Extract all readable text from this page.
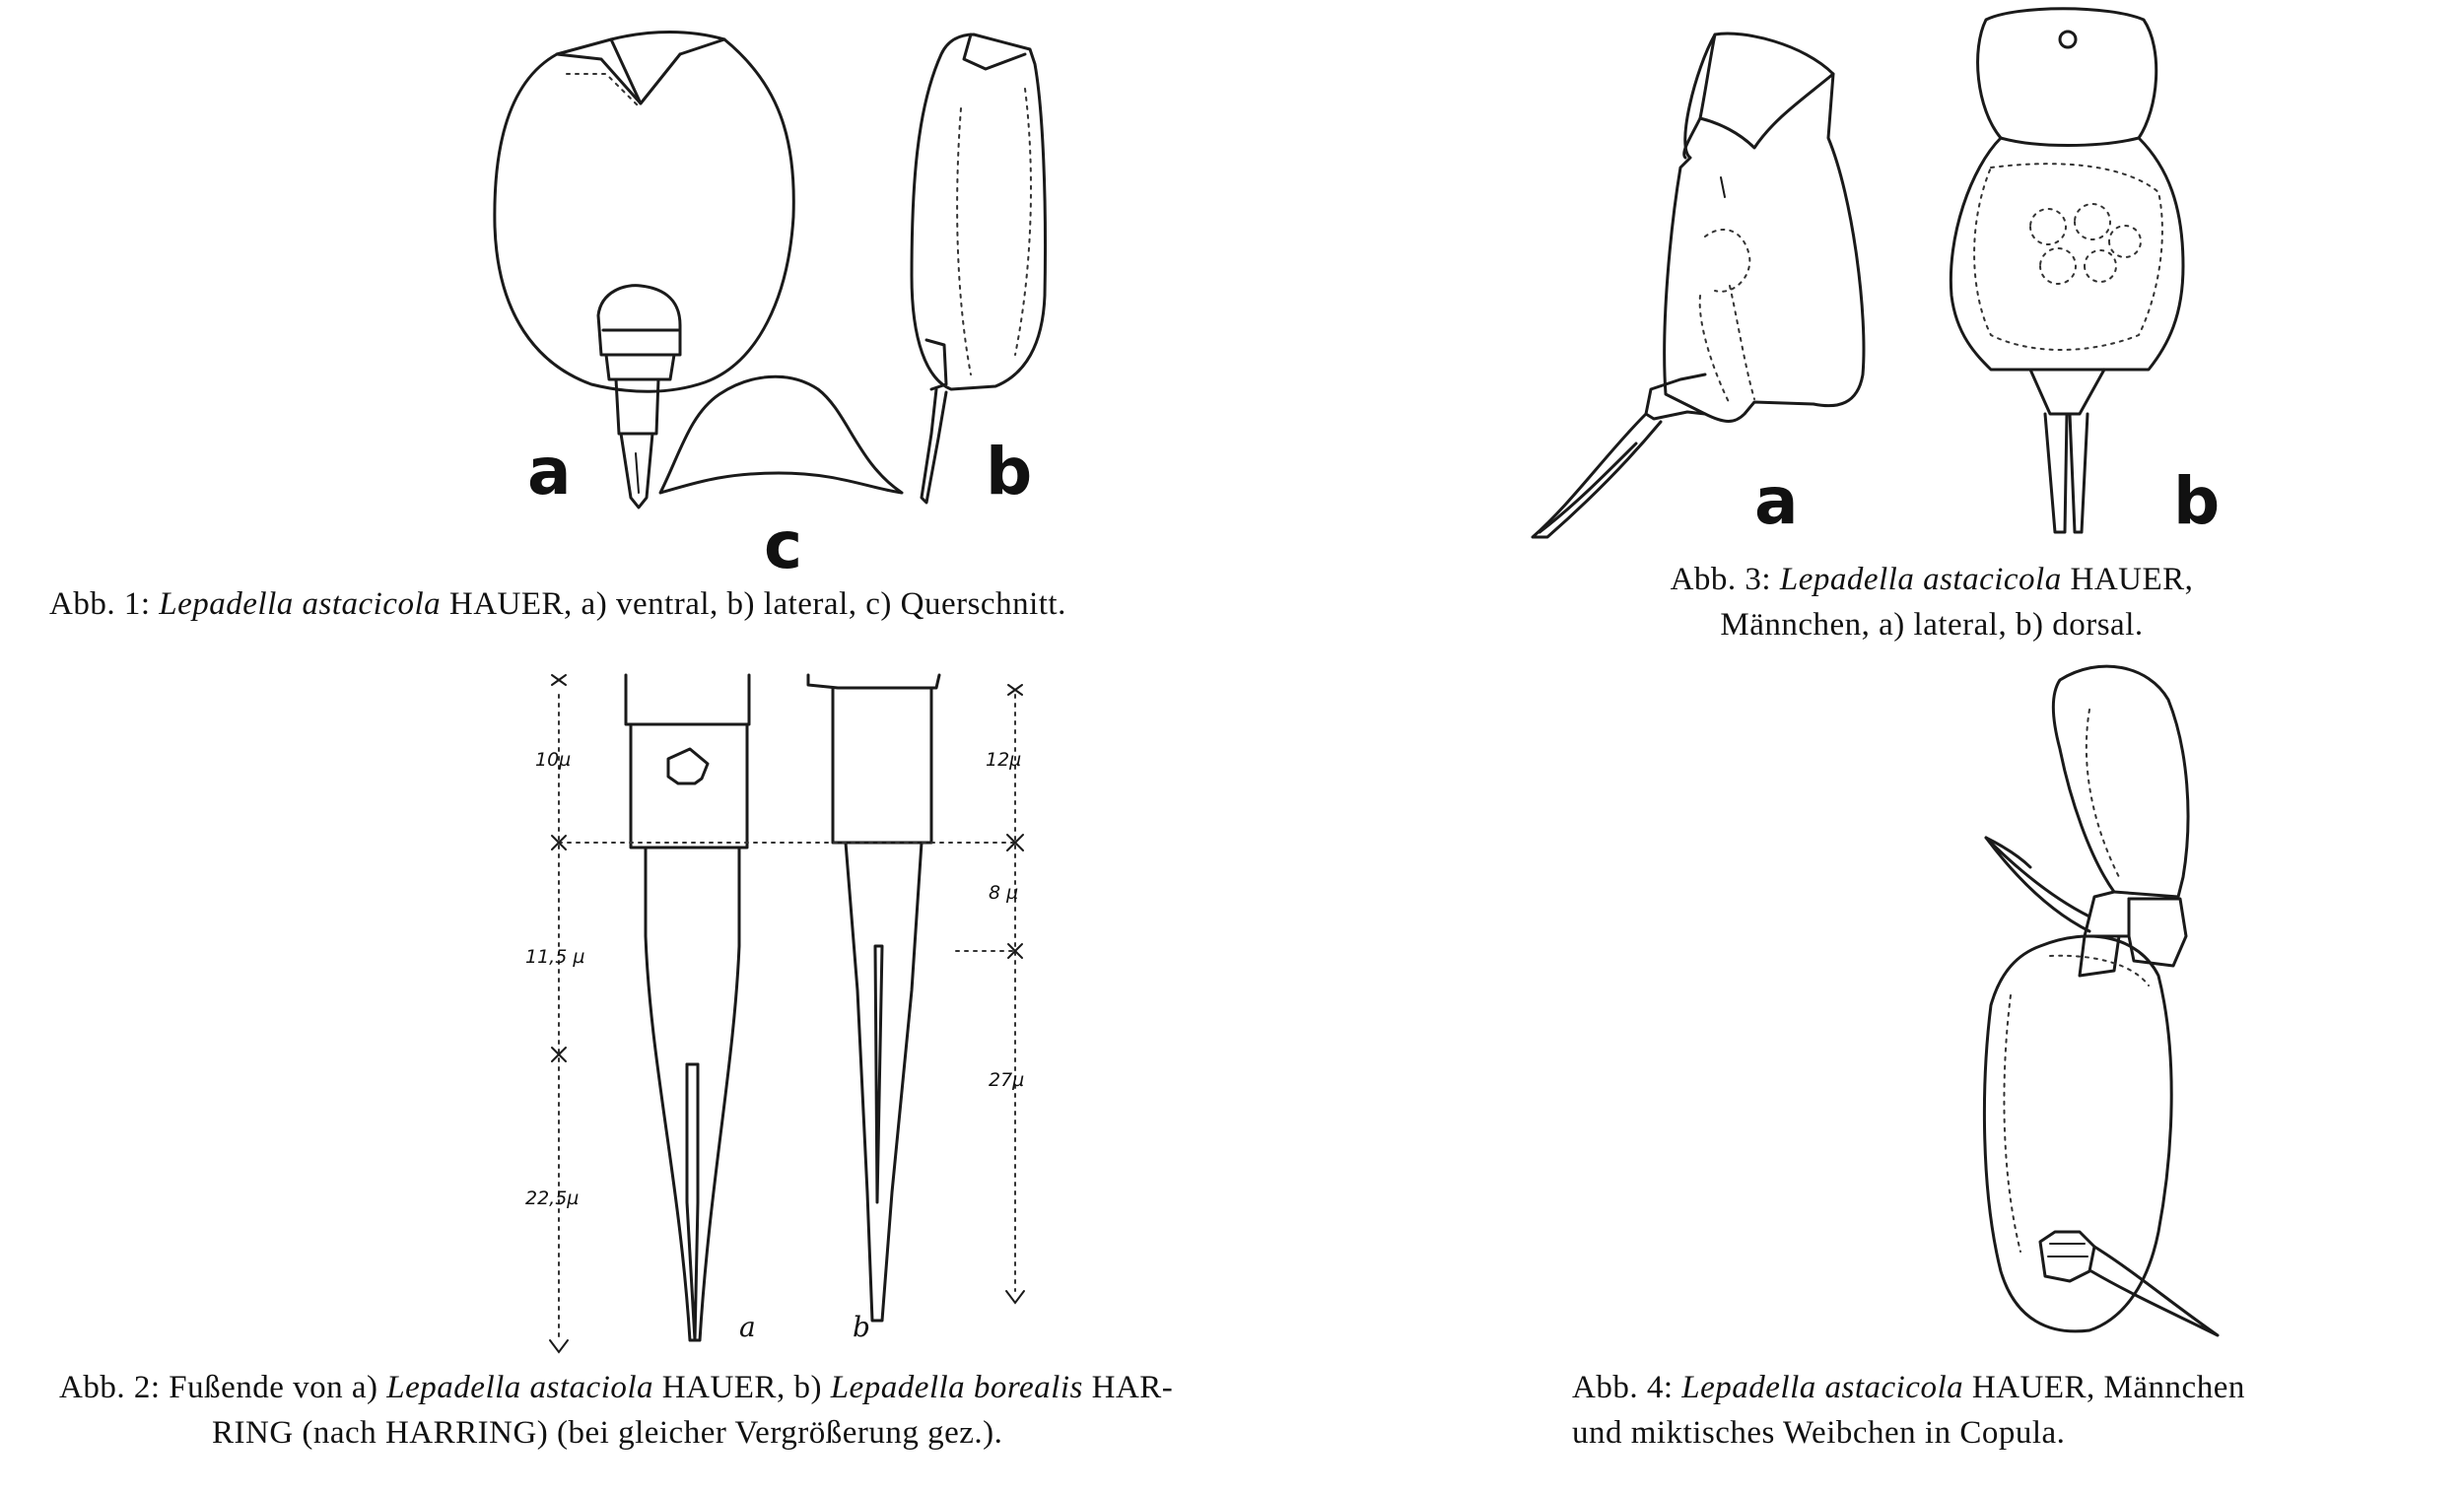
a	b
c
Abb. 1: Lepadella astacicola HAUER, a) ventral, b) lateral, c) Querschnitt.
10µ
11,5 µ
22,5µ
12µ
8 µ
27µ
a	b
Abb. 2: Fußende von a) Lepadella astaciola HAUER, b) Lepadella borealis HAR-
RING (nach HARRING) (bei gleicher Vergrößerung gez.).
a	b
Abb. 3: Lepadella astacicola HAUER,
Männchen, a) lateral, b) dorsal.
Abb. 4: Lepadella astacicola HAUER, Männchen
und miktisches Weibchen in Copula.
